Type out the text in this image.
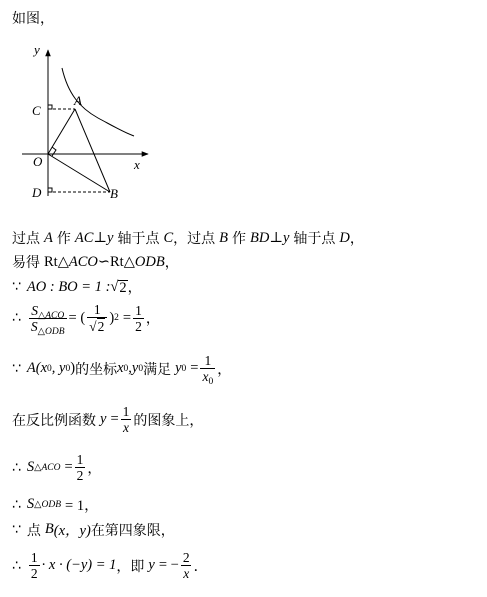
如图，
y
x
O
A
B
C
D
过点 A 作 AC ⊥ y 轴于点 C ，过点 B 作 BD ⊥ y 轴于点 D ，
易得 Rt△ ACO ∽ Rt△ ODB ，
∵ AO : BO = 1 : √ 2 ，
∴ $\frac{S_{\triangle ACO}}{S_{\triangle ODB}}$ = ( $\frac{1}{√ 2}$ ) $2 = \frac{1}{2}$ ，
∵ A (x 0 , y 0 ) 的坐标 x 0 , y 0 满足 y $0 = \frac{1}{x_0}$ ，
在反比例函数 $y = \frac{1}{x}$ 的图象上，
∴ S △ACO = $\frac{1}{2}$ ，
∴ S △ODB = 1，
∵ 点 B (x，y) 在第四象限，
∴ $\frac{1}{2} \cdot x \cdot (-y) = 1$ ，即 y = − $\frac{2}{x}$ ．
